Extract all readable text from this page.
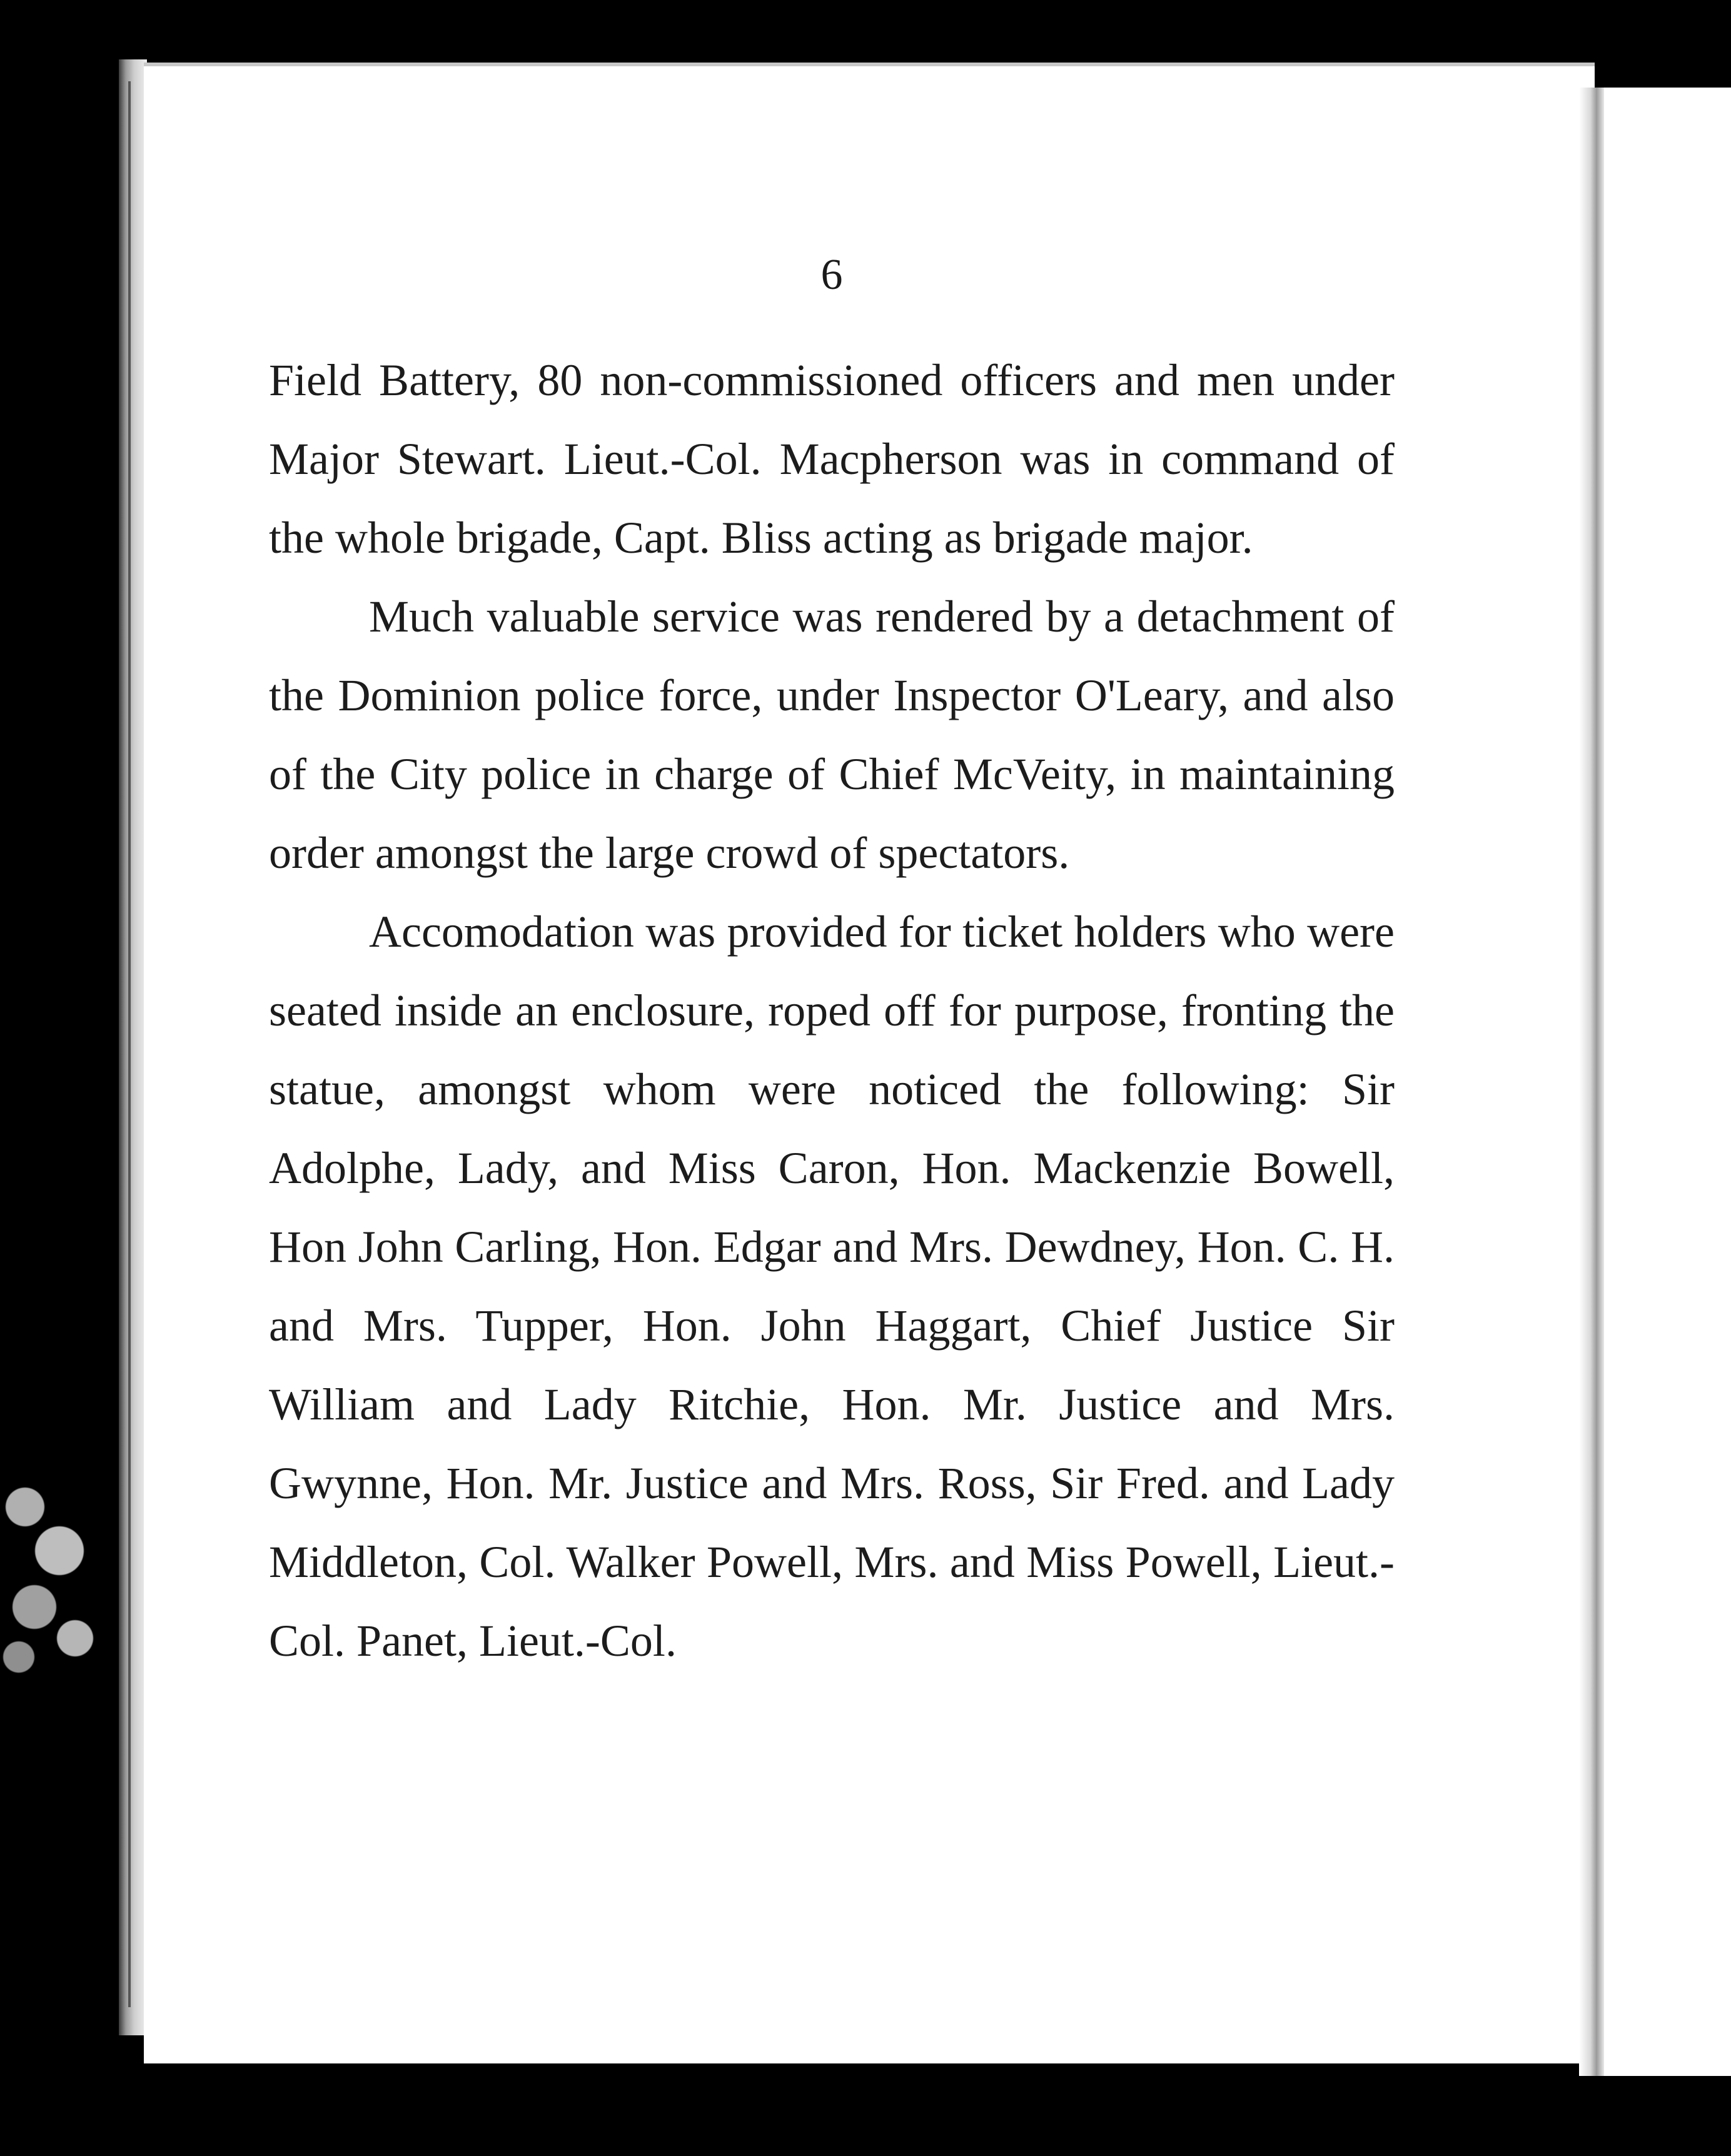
6

Field Battery, 80 non-commissioned officers and men under Major Stewart. Lieut.-Col. Macpherson was in command of the whole brigade, Capt. Bliss acting as brigade major.

Much valuable service was rendered by a detachment of the Dominion police force, under Inspector O'Leary, and also of the City police in charge of Chief McVeity, in maintaining order amongst the large crowd of spectators.

Accomodation was provided for ticket holders who were seated inside an enclosure, roped off for purpose, fronting the statue, amongst whom were noticed the following: Sir Adolphe, Lady, and Miss Caron, Hon. Mackenzie Bowell, Hon John Carling, Hon. Edgar and Mrs. Dewdney, Hon. C. H. and Mrs. Tupper, Hon. John Haggart, Chief Justice Sir William and Lady Ritchie, Hon. Mr. Justice and Mrs. Gwynne, Hon. Mr. Justice and Mrs. Ross, Sir Fred. and Lady Middleton, Col. Walker Powell, Mrs. and Miss Powell, Lieut.-Col. Panet, Lieut.-Col.
